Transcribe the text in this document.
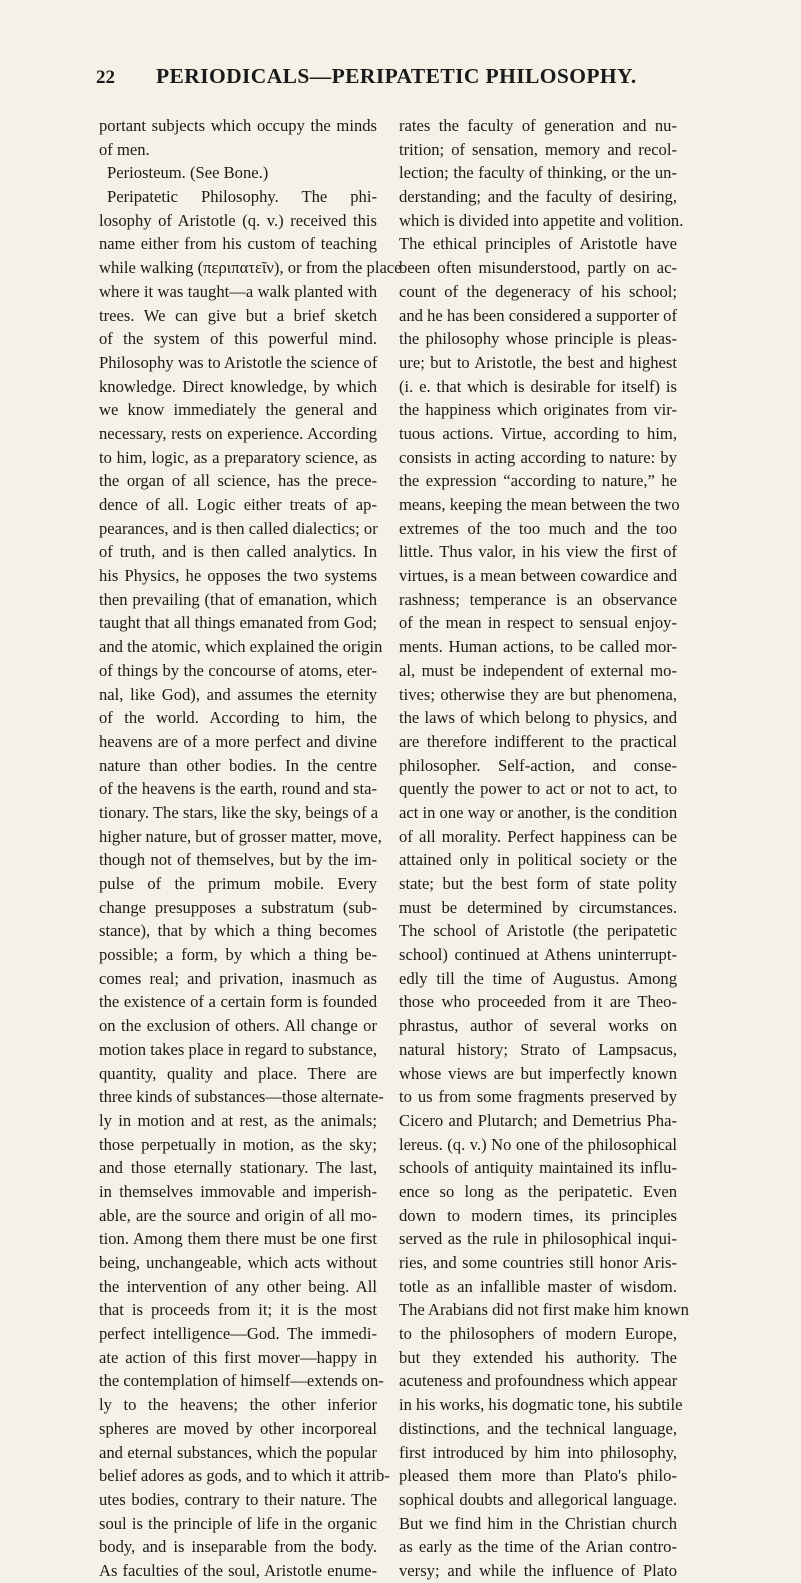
22	PERIODICALS—PERIPATETIC PHILOSOPHY.
portant subjects which occupy the minds
of men.
Periosteum. (See Bone.)
Peripatetic Philosophy. The phi-
losophy of Aristotle (q. v.) received this
name either from his custom of teaching
while walking (περιπατεῖν), or from the place
where it was taught—a walk planted with
trees. We can give but a brief sketch
of the system of this powerful mind.
Philosophy was to Aristotle the science of
knowledge. Direct knowledge, by which
we know immediately the general and
necessary, rests on experience. According
to him, logic, as a preparatory science, as
the organ of all science, has the prece-
dence of all. Logic either treats of ap-
pearances, and is then called dialectics; or
of truth, and is then called analytics. In
his Physics, he opposes the two systems
then prevailing (that of emanation, which
taught that all things emanated from God;
and the atomic, which explained the origin
of things by the concourse of atoms, eter-
nal, like God), and assumes the eternity
of the world. According to him, the
heavens are of a more perfect and divine
nature than other bodies. In the centre
of the heavens is the earth, round and sta-
tionary. The stars, like the sky, beings of a
higher nature, but of grosser matter, move,
though not of themselves, but by the im-
pulse of the primum mobile. Every
change presupposes a substratum (sub-
stance), that by which a thing becomes
possible; a form, by which a thing be-
comes real; and privation, inasmuch as
the existence of a certain form is founded
on the exclusion of others. All change or
motion takes place in regard to substance,
quantity, quality and place. There are
three kinds of substances—those alternate-
ly in motion and at rest, as the animals;
those perpetually in motion, as the sky;
and those eternally stationary. The last,
in themselves immovable and imperish-
able, are the source and origin of all mo-
tion. Among them there must be one first
being, unchangeable, which acts without
the intervention of any other being. All
that is proceeds from it; it is the most
perfect intelligence—God. The immedi-
ate action of this first mover—happy in
the contemplation of himself—extends on-
ly to the heavens; the other inferior
spheres are moved by other incorporeal
and eternal substances, which the popular
belief adores as gods, and to which it attrib-
utes bodies, contrary to their nature. The
soul is the principle of life in the organic
body, and is inseparable from the body.
As faculties of the soul, Aristotle enume-
rates the faculty of generation and nu-
trition; of sensation, memory and recol-
lection; the faculty of thinking, or the un-
derstanding; and the faculty of desiring,
which is divided into appetite and volition.
The ethical principles of Aristotle have
been often misunderstood, partly on ac-
count of the degeneracy of his school;
and he has been considered a supporter of
the philosophy whose principle is pleas-
ure; but to Aristotle, the best and highest
(i. e. that which is desirable for itself) is
the happiness which originates from vir-
tuous actions. Virtue, according to him,
consists in acting according to nature: by
the expression “according to nature,” he
means, keeping the mean between the two
extremes of the too much and the too
little. Thus valor, in his view the first of
virtues, is a mean between cowardice and
rashness; temperance is an observance
of the mean in respect to sensual enjoy-
ments. Human actions, to be called mor-
al, must be independent of external mo-
tives; otherwise they are but phenomena,
the laws of which belong to physics, and
are therefore indifferent to the practical
philosopher. Self-action, and conse-
quently the power to act or not to act, to
act in one way or another, is the condition
of all morality. Perfect happiness can be
attained only in political society or the
state; but the best form of state polity
must be determined by circumstances.
The school of Aristotle (the peripatetic
school) continued at Athens uninterrupt-
edly till the time of Augustus. Among
those who proceeded from it are Theo-
phrastus, author of several works on
natural history; Strato of Lampsacus,
whose views are but imperfectly known
to us from some fragments preserved by
Cicero and Plutarch; and Demetrius Pha-
lereus. (q. v.) No one of the philosophical
schools of antiquity maintained its influ-
ence so long as the peripatetic. Even
down to modern times, its principles
served as the rule in philosophical inqui-
ries, and some countries still honor Aris-
totle as an infallible master of wisdom.
The Arabians did not first make him known
to the philosophers of modern Europe,
but they extended his authority. The
acuteness and profoundness which appear
in his works, his dogmatic tone, his subtile
distinctions, and the technical language,
first introduced by him into philosophy,
pleased them more than Plato's philo-
sophical doubts and allegorical language.
But we find him in the Christian church
as early as the time of the Arian contro-
versy; and while the influence of Plato
